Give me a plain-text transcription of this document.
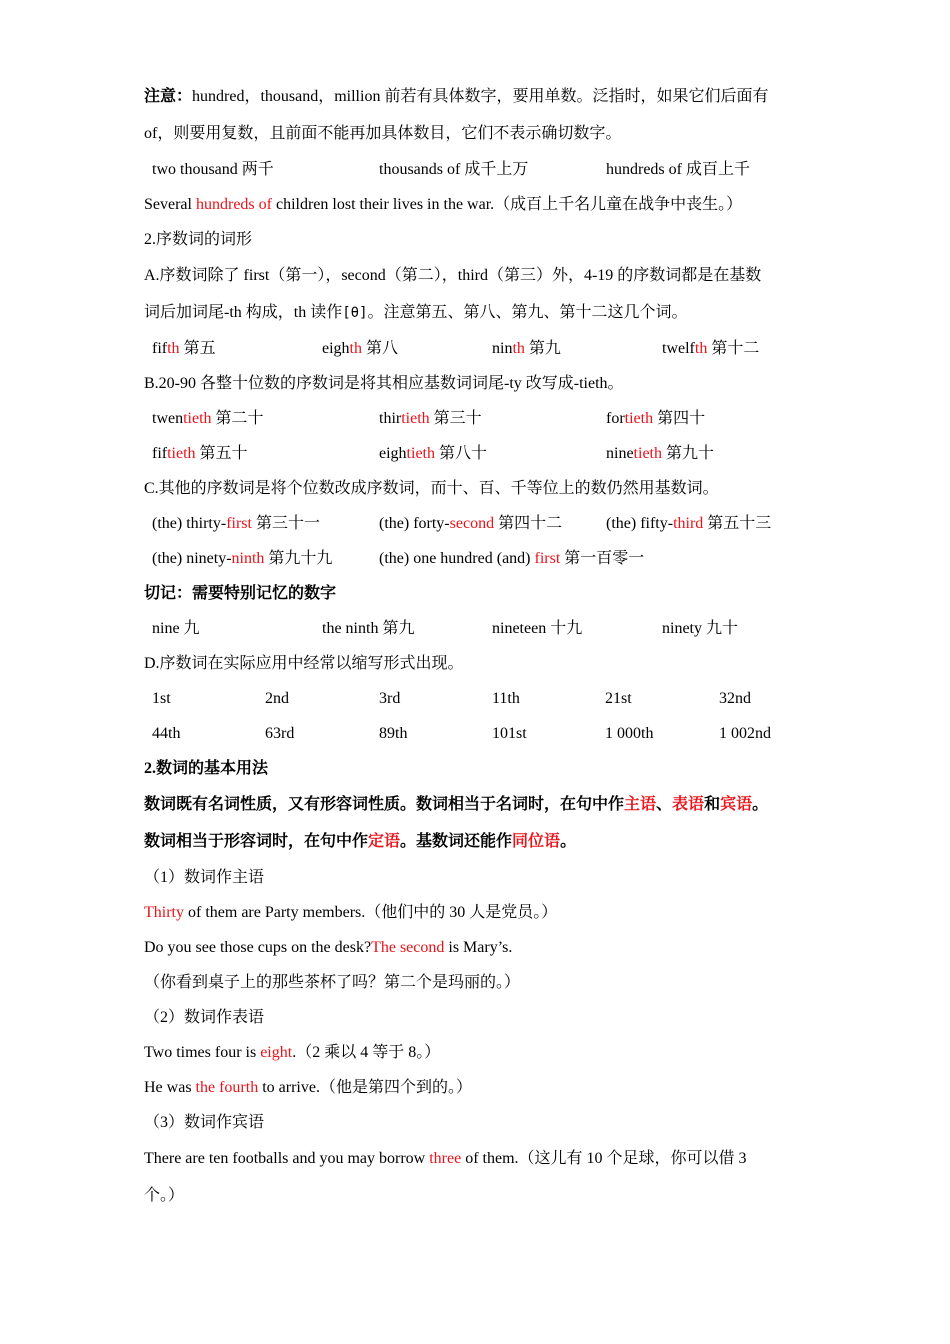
注意：hundred，thousand，million 前若有具体数字，要用单数。泛指时，如果它们后面有
of，则要用复数，且前面不能再加具体数目，它们不表示确切数字。
two thousand 两千	thousands of 成千上万	hundreds of 成百上千
Several hundreds of children lost their lives in the war.（成百上千名儿童在战争中丧生。）
2.序数词的词形
A.序数词除了 first（第一），second（第二），third（第三）外，4-19 的序数词都是在基数
词后加词尾-th 构成，th 读作[θ]。注意第五、第八、第九、第十二这几个词。
fifth 第五	eighth 第八	ninth 第九	twelfth 第十二
B.20-90 各整十位数的序数词是将其相应基数词词尾-ty 改写成-tieth。
twentieth 第二十	thirtieth 第三十	fortieth 第四十
fiftieth 第五十	eightieth 第八十	ninetieth 第九十
C.其他的序数词是将个位数改成序数词，而十、百、千等位上的数仍然用基数词。
(the) thirty-first 第三十一	(the) forty-second 第四十二	(the) fifty-third 第五十三
(the) ninety-ninth 第九十九	(the) one hundred (and) first 第一百零一
切记：需要特别记忆的数字
nine 九	the ninth 第九	nineteen 十九	ninety 九十
D.序数词在实际应用中经常以缩写形式出现。
1st	2nd	3rd	11th	21st	32nd
44th	63rd	89th	101st	1 000th	1 002nd
2.数词的基本用法
数词既有名词性质，又有形容词性质。数词相当于名词时，在句中作主语、表语和宾语。
数词相当于形容词时，在句中作定语。基数词还能作同位语。
（1）数词作主语
Thirty of them are Party members.（他们中的 30 人是党员。）
Do you see those cups on the desk?The second is Mary’s.
（你看到桌子上的那些茶杯了吗？第二个是玛丽的。）
（2）数词作表语
Two times four is eight.（2 乘以 4 等于 8。）
He was the fourth to arrive.（他是第四个到的。）
（3）数词作宾语
There are ten footballs and you may borrow three of them.（这儿有 10 个足球，你可以借 3
个。）
